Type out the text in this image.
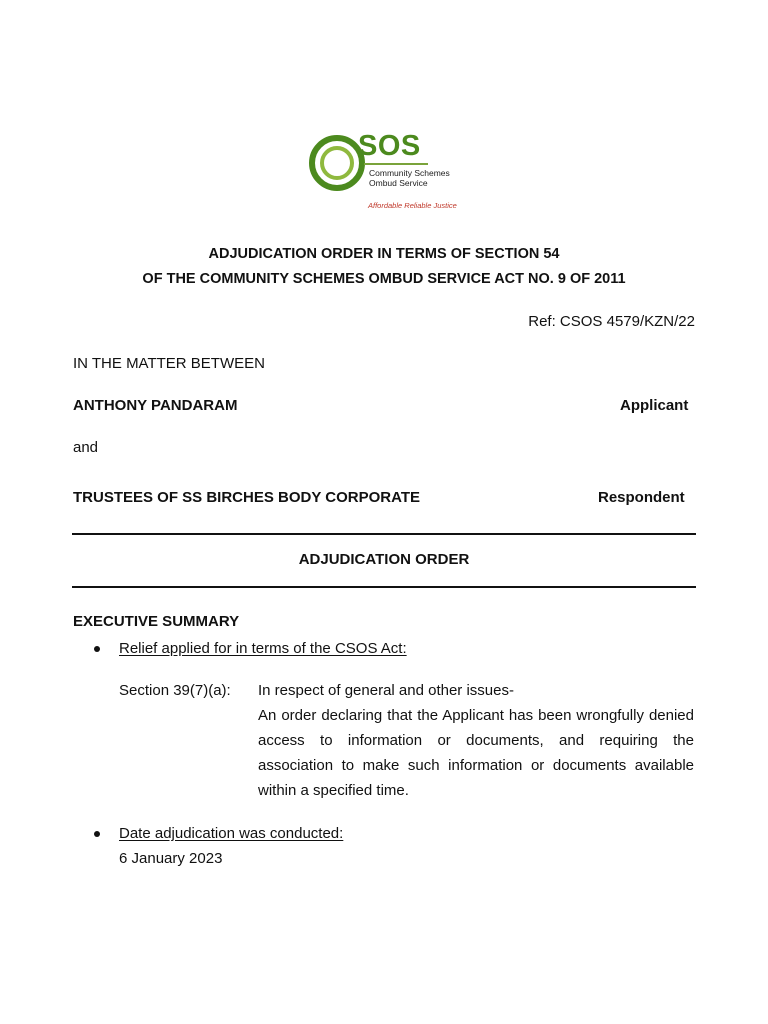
SOS
Community Schemes
Ombud Service
Affordable Reliable Justice
ADJUDICATION ORDER IN TERMS OF SECTION 54
OF THE COMMUNITY SCHEMES OMBUD SERVICE ACT NO. 9 OF 2011
Ref: CSOS 4579/KZN/22
IN THE MATTER BETWEEN
ANTHONY PANDARAM	Applicant
and
TRUSTEES OF SS BIRCHES BODY CORPORATE	Respondent
ADJUDICATION ORDER
EXECUTIVE SUMMARY
Relief applied for in terms of the CSOS Act:
Section 39(7)(a): In respect of general and other issues-
An order declaring that the Applicant has been wrongfully denied
access to information or documents, and requiring the
association to make such information or documents available
within a specified time.
Date adjudication was conducted:
6 January 2023
